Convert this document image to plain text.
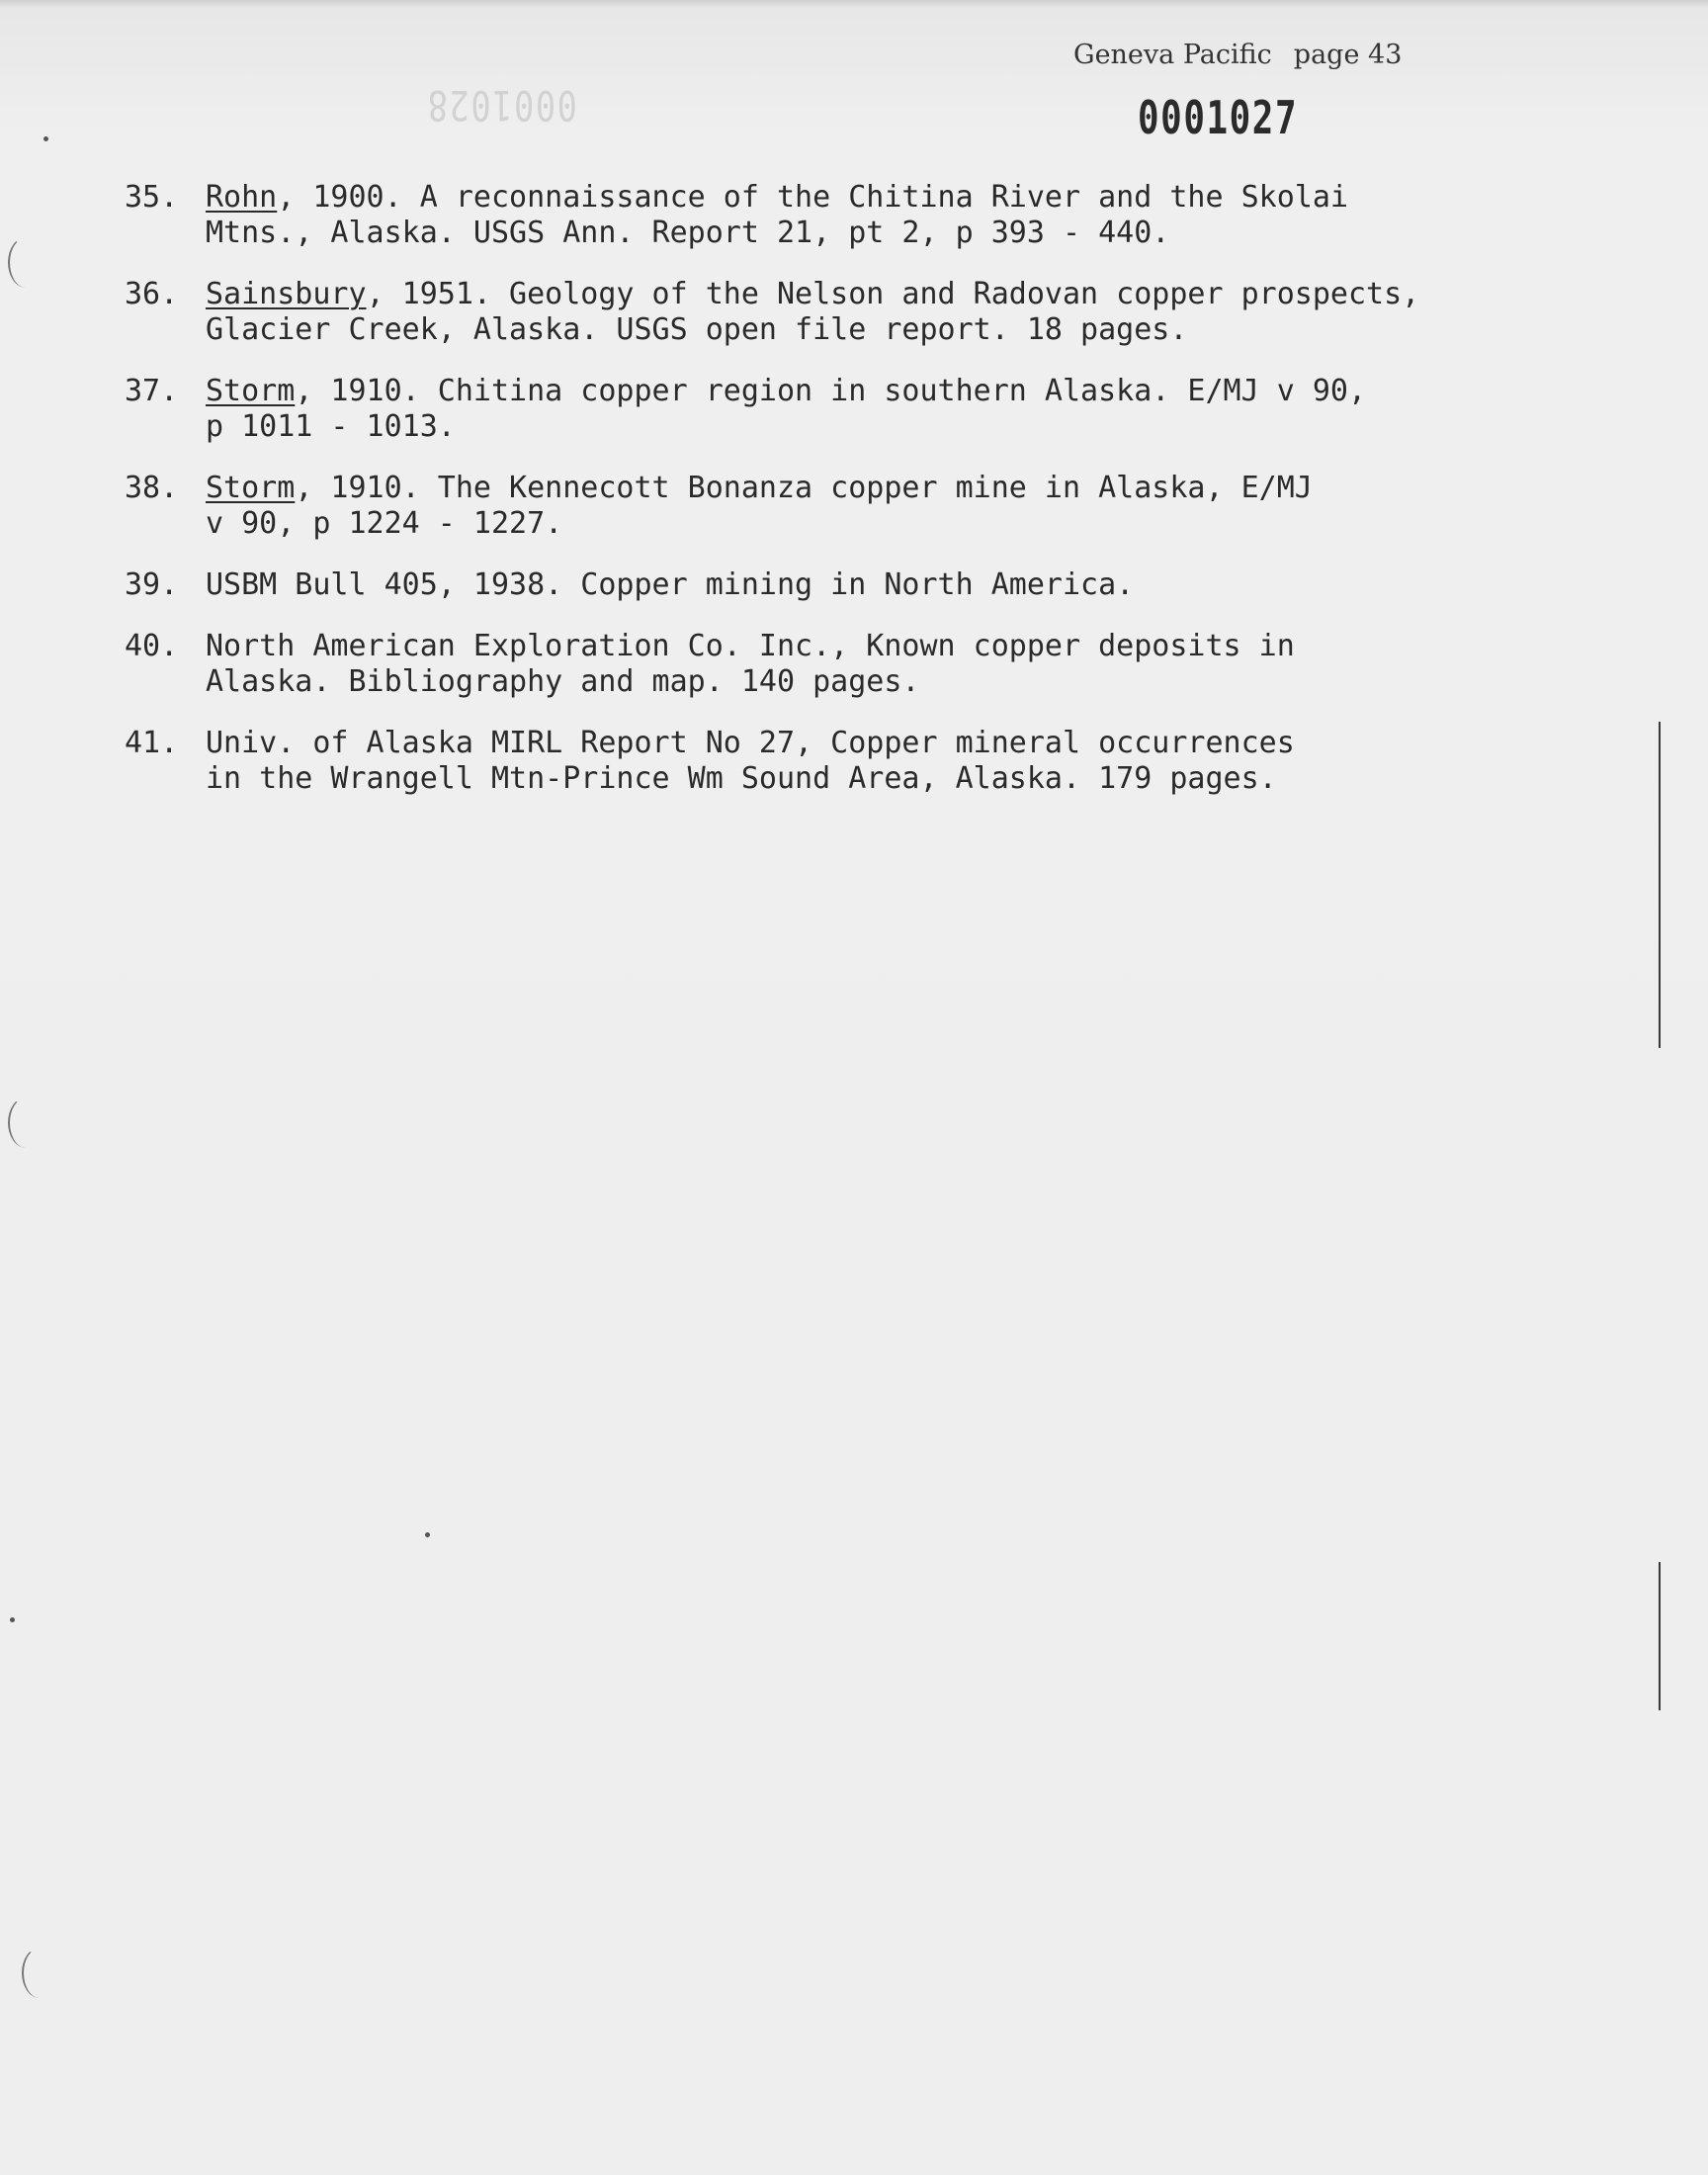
Geneva Pacific page 43
0001028	0001027
35. Rohn, 1900. A reconnaissance of the Chitina River and the Skolai
Mtns., Alaska. USGS Ann. Report 21, pt 2, p 393 - 440.
36. Sainsbury, 1951. Geology of the Nelson and Radovan copper prospects,
Glacier Creek, Alaska. USGS open file report. 18 pages.
37. Storm, 1910. Chitina copper region in southern Alaska. E/MJ v 90,
p 1011 - 1013.
38. Storm, 1910. The Kennecott Bonanza copper mine in Alaska, E/MJ
v 90, p 1224 - 1227.
39. USBM Bull 405, 1938. Copper mining in North America.
40. North American Exploration Co. Inc., Known copper deposits in
Alaska. Bibliography and map. 140 pages.
41. Univ. of Alaska MIRL Report No 27, Copper mineral occurrences
in the Wrangell Mtn-Prince Wm Sound Area, Alaska. 179 pages.
